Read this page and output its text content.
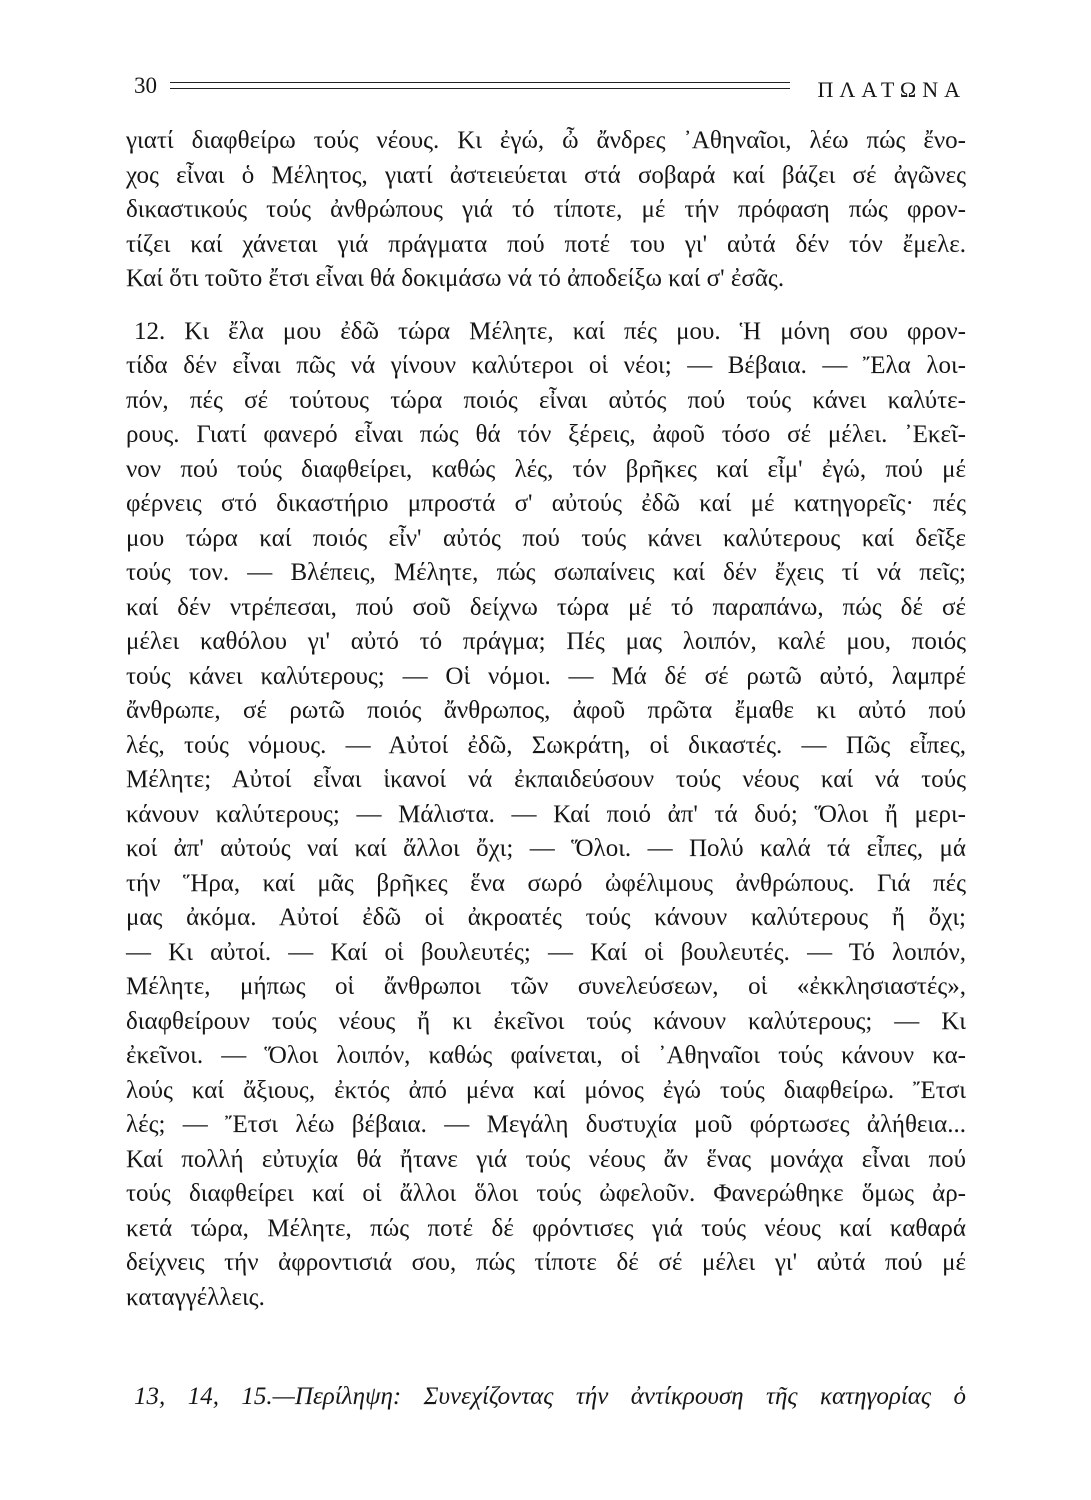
30	ΠΛΑΤΩΝΑ
γιατί διαφθείρω τούς νέους. Κι ἐγώ, ὦ ἄνδρες ᾿Αθηναῖοι, λέω πώς ἔνο-
χος εἶναι ὁ Μέλητος, γιατί ἀστειεύεται στά σοβαρά καί βάζει σέ ἀγῶνες
δικαστικούς τούς ἀνθρώπους γιά τό τίποτε, μέ τήν πρόφαση πώς φρον-
τίζει καί χάνεται γιά πράγματα πού ποτέ του γι' αὐτά δέν τόν ἔμελε.
Καί ὅτι τοῦτο ἔτσι εἶναι θά δοκιμάσω νά τό ἀποδείξω καί σ' ἐσᾶς.
12. Κι ἔλα μου ἐδῶ τώρα Μέλητε, καί πές μου. Ἡ μόνη σου φρον-
τίδα δέν εἶναι πῶς νά γίνουν καλύτεροι οἱ νέοι; — Βέβαια. — Ἔλα λοι-
πόν, πές σέ τούτους τώρα ποιός εἶναι αὐτός πού τούς κάνει καλύτε-
ρους. Γιατί φανερό εἶναι πώς θά τόν ξέρεις, ἀφοῦ τόσο σέ μέλει. ᾿Εκεῖ-
νον πού τούς διαφθείρει, καθώς λές, τόν βρῆκες καί εἶμ' ἐγώ, πού μέ
φέρνεις στό δικαστήριο μπροστά σ' αὐτούς ἐδῶ καί μέ κατηγορεῖς· πές
μου τώρα καί ποιός εἶν' αὐτός πού τούς κάνει καλύτερους καί δεῖξε
τούς τον. — Βλέπεις, Μέλητε, πώς σωπαίνεις καί δέν ἔχεις τί νά πεῖς;
καί δέν ντρέπεσαι, πού σοῦ δείχνω τώρα μέ τό παραπάνω, πώς δέ σέ
μέλει καθόλου γι' αὐτό τό πράγμα; Πές μας λοιπόν, καλέ μου, ποιός
τούς κάνει καλύτερους; — Οἱ νόμοι. — Μά δέ σέ ρωτῶ αὐτό, λαμπρέ
ἄνθρωπε, σέ ρωτῶ ποιός ἄνθρωπος, ἀφοῦ πρῶτα ἔμαθε κι αὐτό πού
λές, τούς νόμους. — Αὐτοί ἐδῶ, Σωκράτη, οἱ δικαστές. — Πῶς εἶπες,
Μέλητε; Αὐτοί εἶναι ἱκανοί νά ἐκπαιδεύσουν τούς νέους καί νά τούς
κάνουν καλύτερους; — Μάλιστα. — Καί ποιό ἀπ' τά δυό; Ὅλοι ἤ μερι-
κοί ἀπ' αὐτούς ναί καί ἄλλοι ὄχι; — Ὅλοι. — Πολύ καλά τά εἶπες, μά
τήν Ἥρα, καί μᾶς βρῆκες ἕνα σωρό ὠφέλιμους ἀνθρώπους. Γιά πές
μας ἀκόμα. Αὐτοί ἐδῶ οἱ ἀκροατές τούς κάνουν καλύτερους ἤ ὄχι;
— Κι αὐτοί. — Καί οἱ βουλευτές; — Καί οἱ βουλευτές. — Τό λοιπόν,
Μέλητε, μήπως οἱ ἄνθρωποι τῶν συνελεύσεων, οἱ «ἐκκλησιαστές»,
διαφθείρουν τούς νέους ἤ κι ἐκεῖνοι τούς κάνουν καλύτερους; — Κι
ἐκεῖνοι. — Ὅλοι λοιπόν, καθώς φαίνεται, οἱ ᾿Αθηναῖοι τούς κάνουν κα-
λούς καί ἄξιους, ἐκτός ἀπό μένα καί μόνος ἐγώ τούς διαφθείρω. Ἔτσι
λές; — Ἔτσι λέω βέβαια. — Μεγάλη δυστυχία μοῦ φόρτωσες ἀλήθεια...
Καί πολλή εὐτυχία θά ἤτανε γιά τούς νέους ἄν ἕνας μονάχα εἶναι πού
τούς διαφθείρει καί οἱ ἄλλοι ὅλοι τούς ὠφελοῦν. Φανερώθηκε ὅμως ἀρ-
κετά τώρα, Μέλητε, πώς ποτέ δέ φρόντισες γιά τούς νέους καί καθαρά
δείχνεις τήν ἀφροντισιά σου, πώς τίποτε δέ σέ μέλει γι' αὐτά πού μέ
καταγγέλλεις.
13, 14, 15.—Περίληψη: Συνεχίζοντας τήν ἀντίκρουση τῆς κατηγορίας ὁ
